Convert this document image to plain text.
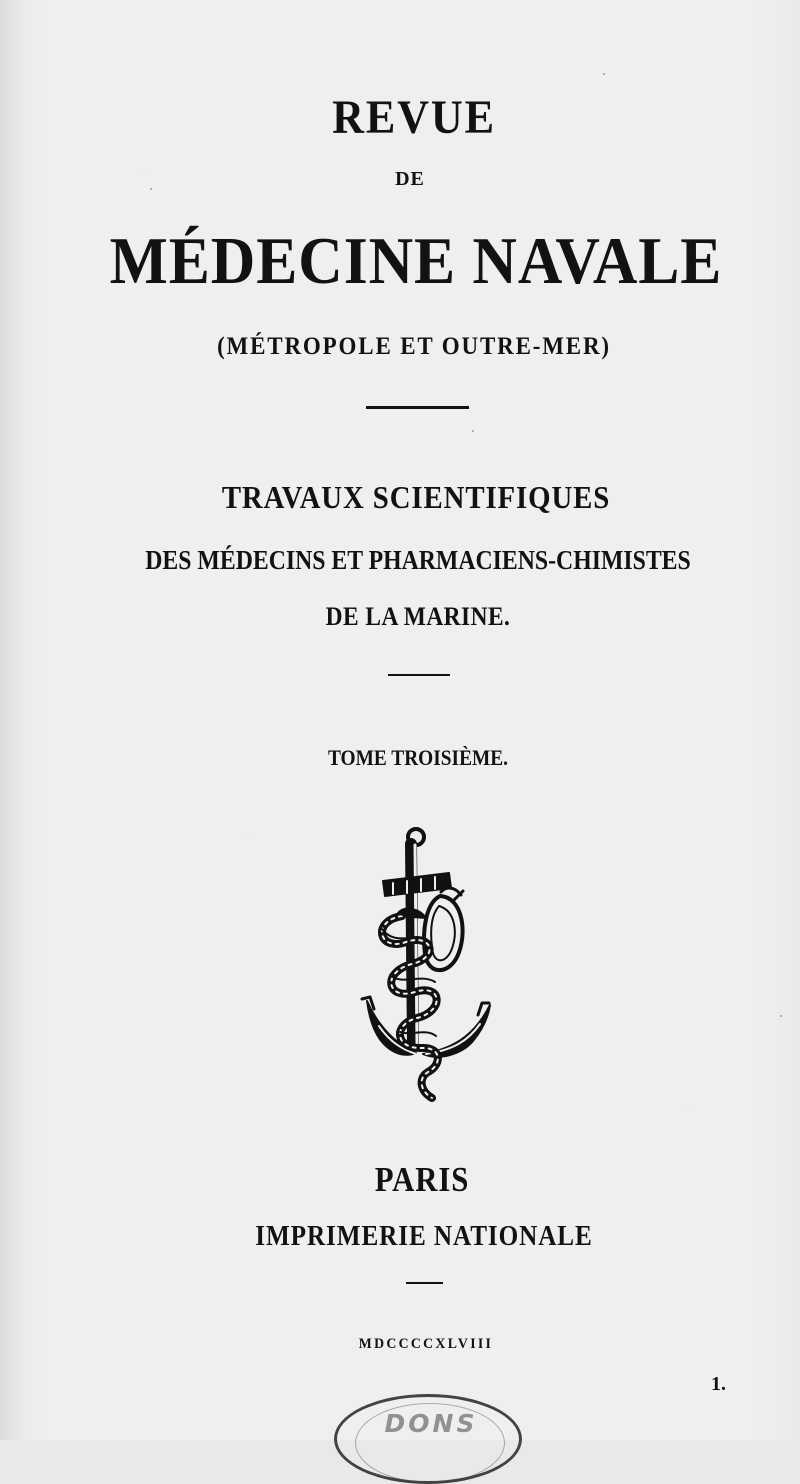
REVUE
DE
MÉDECINE NAVALE
(MÉTROPOLE ET OUTRE-MER)
TRAVAUX SCIENTIFIQUES
DES MÉDECINS ET PHARMACIENS-CHIMISTES
DE LA MARINE.
TOME TROISIÈME.
PARIS
IMPRIMERIE NATIONALE
MDCCCCXLVIII
1.
DONS
